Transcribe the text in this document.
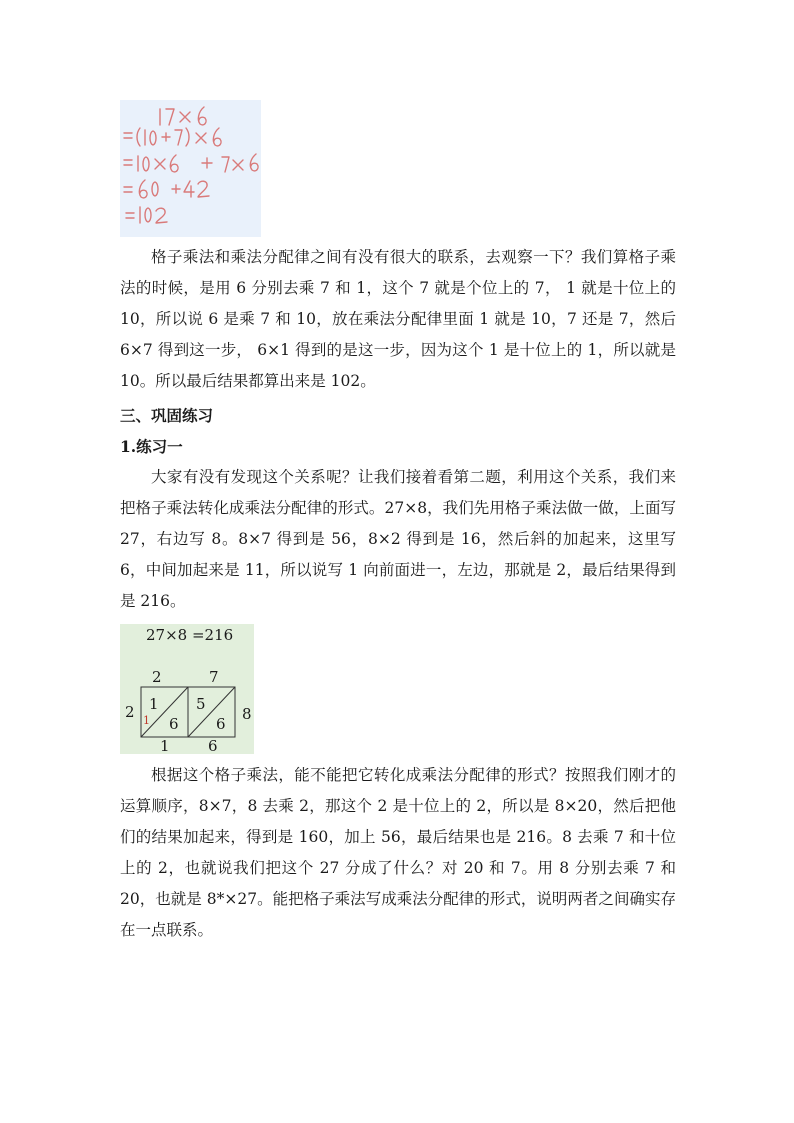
格子乘法和乘法分配律之间有没有很大的联系，去观察一下？我们算格子乘法的时候，是用 6 分别去乘 7 和 1，这个 7 就是个位上的 7， 1 就是十位上的 10，所以说 6 是乘 7 和 10，放在乘法分配律里面 1 就是 10，7 还是 7，然后 6×7 得到这一步， 6×1 得到的是这一步，因为这个 1 是十位上的 1，所以就是 10。所以最后结果都算出来是 102。

三、巩固练习

1.练习一

大家有没有发现这个关系呢？让我们接着看第二题，利用这个关系，我们来把格子乘法转化成乘法分配律的形式。27×8，我们先用格子乘法做一做，上面写 27，右边写 8。8×7 得到是 56，8×2 得到是 16，然后斜的加起来，这里写 6，中间加起来是 11，所以说写 1 向前面进一，左边，那就是 2，最后结果得到是 216。

27×8 =216
2	7
2	8
1
6
5
6
1
1	6

根据这个格子乘法，能不能把它转化成乘法分配律的形式？按照我们刚才的运算顺序，8×7，8 去乘 2，那这个 2 是十位上的 2，所以是 8×20，然后把他们的结果加起来，得到是 160，加上 56，最后结果也是 216。8 去乘 7 和十位上的 2，也就说我们把这个 27 分成了什么？对 20 和 7。用 8 分别去乘 7 和 20，也就是 8*×27。能把格子乘法写成乘法分配律的形式，说明两者之间确实存在一点联系。
